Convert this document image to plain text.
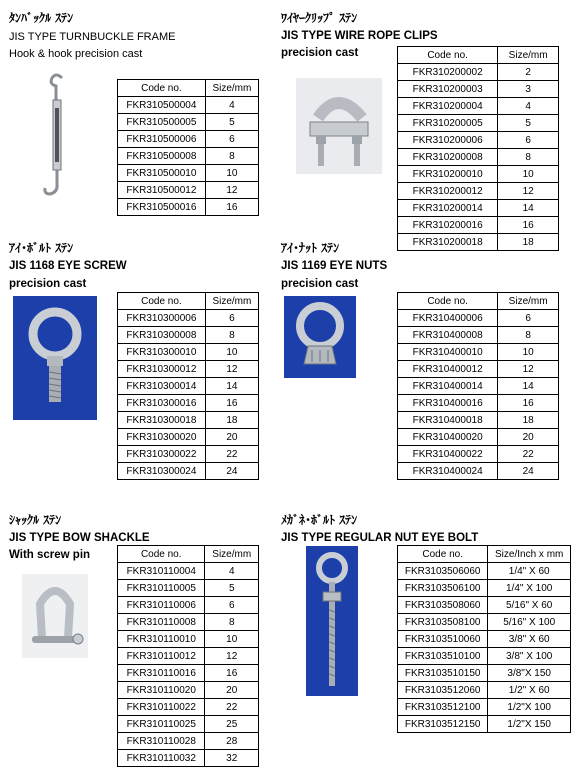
ﾀﾝﾊﾞｯｸﾙ ｽﾃﾝ
JIS TYPE TURNBUCKLE FRAME
Hook & hook precision cast
Code no.	Size/mm
FKR310500004	4
FKR310500005	5
FKR310500006	6
FKR310500008	8
FKR310500010	10
FKR310500012	12
FKR310500016	16
ﾜｲﾔｰｸﾘｯﾌﾟ ｽﾃﾝ
JIS TYPE WIRE ROPE CLIPS
precision cast	Code no.	Size/mm
FKR310200002	2
FKR310200003	3
FKR310200004	4
FKR310200005	5
FKR310200006	6
FKR310200008	8
FKR310200010	10
FKR310200012	12
FKR310200014	14
FKR310200016	16
FKR310200018	18
ｱｲ･ﾎﾞﾙﾄ ｽﾃﾝ
JIS 1168 EYE SCREW
precision cast
Code no.	Size/mm
FKR310300006	6
FKR310300008	8
FKR310300010	10
FKR310300012	12
FKR310300014	14
FKR310300016	16
FKR310300018	18
FKR310300020	20
FKR310300022	22
FKR310300024	24
ｱｲ･ﾅｯﾄ ｽﾃﾝ
JIS 1169 EYE NUTS
precision cast
Code no.	Size/mm
FKR310400006	6
FKR310400008	8
FKR310400010	10
FKR310400012	12
FKR310400014	14
FKR310400016	16
FKR310400018	18
FKR310400020	20
FKR310400022	22
FKR310400024	24
ｼｬｯｸﾙ ｽﾃﾝ
JIS TYPE BOW SHACKLE
With screw pin	Code no.	Size/mm
FKR310110004	4
FKR310110005	5
FKR310110006	6
FKR310110008	8
FKR310110010	10
FKR310110012	12
FKR310110016	16
FKR310110020	20
FKR310110022	22
FKR310110025	25
FKR310110028	28
FKR310110032	32
ﾒｶﾞﾈ･ﾎﾞﾙﾄ ｽﾃﾝ
JIS TYPE REGULAR NUT EYE BOLT
Code no.	Size/Inch x mm
FKR3103506060	1/4" X 60
FKR3103506100	1/4" X 100
FKR3103508060	5/16" X 60
FKR3103508100	5/16" X 100
FKR3103510060	3/8" X 60
FKR3103510100	3/8" X 100
FKR3103510150	3/8"X 150
FKR3103512060	1/2" X 60
FKR3103512100	1/2"X 100
FKR3103512150	1/2"X 150
